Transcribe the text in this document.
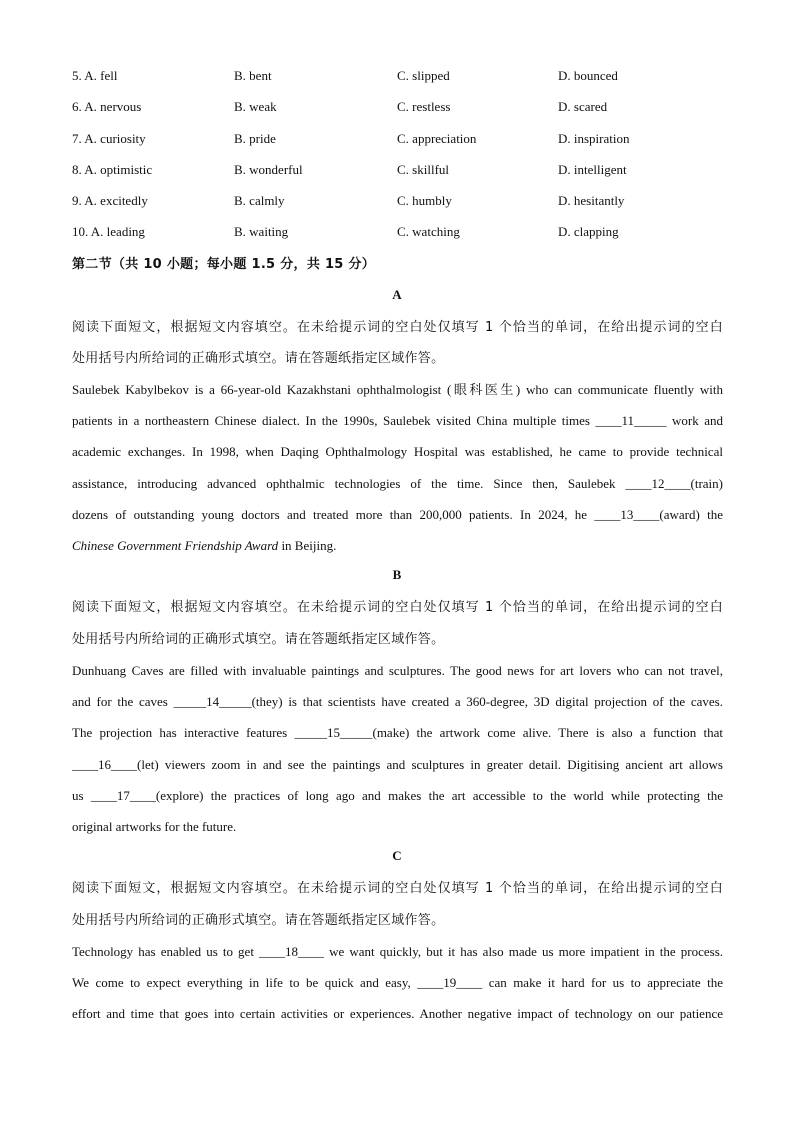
5. A. fell	B. bent	C. slipped	D. bounced
6. A. nervous	B. weak	C. restless	D. scared
7. A. curiosity	B. pride	C. appreciation	D. inspiration
8. A. optimistic	B. wonderful	C. skillful	D. intelligent
9. A. excitedly	B. calmly	C. humbly	D. hesitantly
10. A. leading	B. waiting	C. watching	D. clapping
第二节（共 10 小题；每小题 1.5 分，共 15 分）
A
阅读下面短文，根据短文内容填空。在未给提示词的空白处仅填写 1 个恰当的单词，在给出提示词的空白
处用括号内所给词的正确形式填空。请在答题纸指定区域作答。
Saulebek Kabylbekov is a 66-year-old Kazakhstani ophthalmologist (眼科医生) who can communicate fluently with
patients in a northeastern Chinese dialect. In the 1990s, Saulebek visited China multiple times ____11_____ work and
academic exchanges. In 1998, when Daqing Ophthalmology Hospital was established, he came to provide technical
assistance, introducing advanced ophthalmic technologies of the time. Since then, Saulebek ____12____(train)
dozens of outstanding young doctors and treated more than 200,000 patients. In 2024, he ____13____(award) the
Chinese Government Friendship Award in Beijing.
B
阅读下面短文，根据短文内容填空。在未给提示词的空白处仅填写 1 个恰当的单词，在给出提示词的空白
处用括号内所给词的正确形式填空。请在答题纸指定区域作答。
Dunhuang Caves are filled with invaluable paintings and sculptures. The good news for art lovers who can not travel,
and for the caves _____14_____(they) is that scientists have created a 360-degree, 3D digital projection of the caves.
The projection has interactive features _____15_____(make) the artwork come alive. There is also a function that
____16____(let) viewers zoom in and see the paintings and sculptures in greater detail. Digitising ancient art allows
us ____17____(explore) the practices of long ago and makes the art accessible to the world while protecting the
original artworks for the future.
C
阅读下面短文，根据短文内容填空。在未给提示词的空白处仅填写 1 个恰当的单词，在给出提示词的空白
处用括号内所给词的正确形式填空。请在答题纸指定区域作答。
Technology has enabled us to get ____18____ we want quickly, but it has also made us more impatient in the process.
We come to expect everything in life to be quick and easy, ____19____ can make it hard for us to appreciate the
effort and time that goes into certain activities or experiences. Another negative impact of technology on our patience
